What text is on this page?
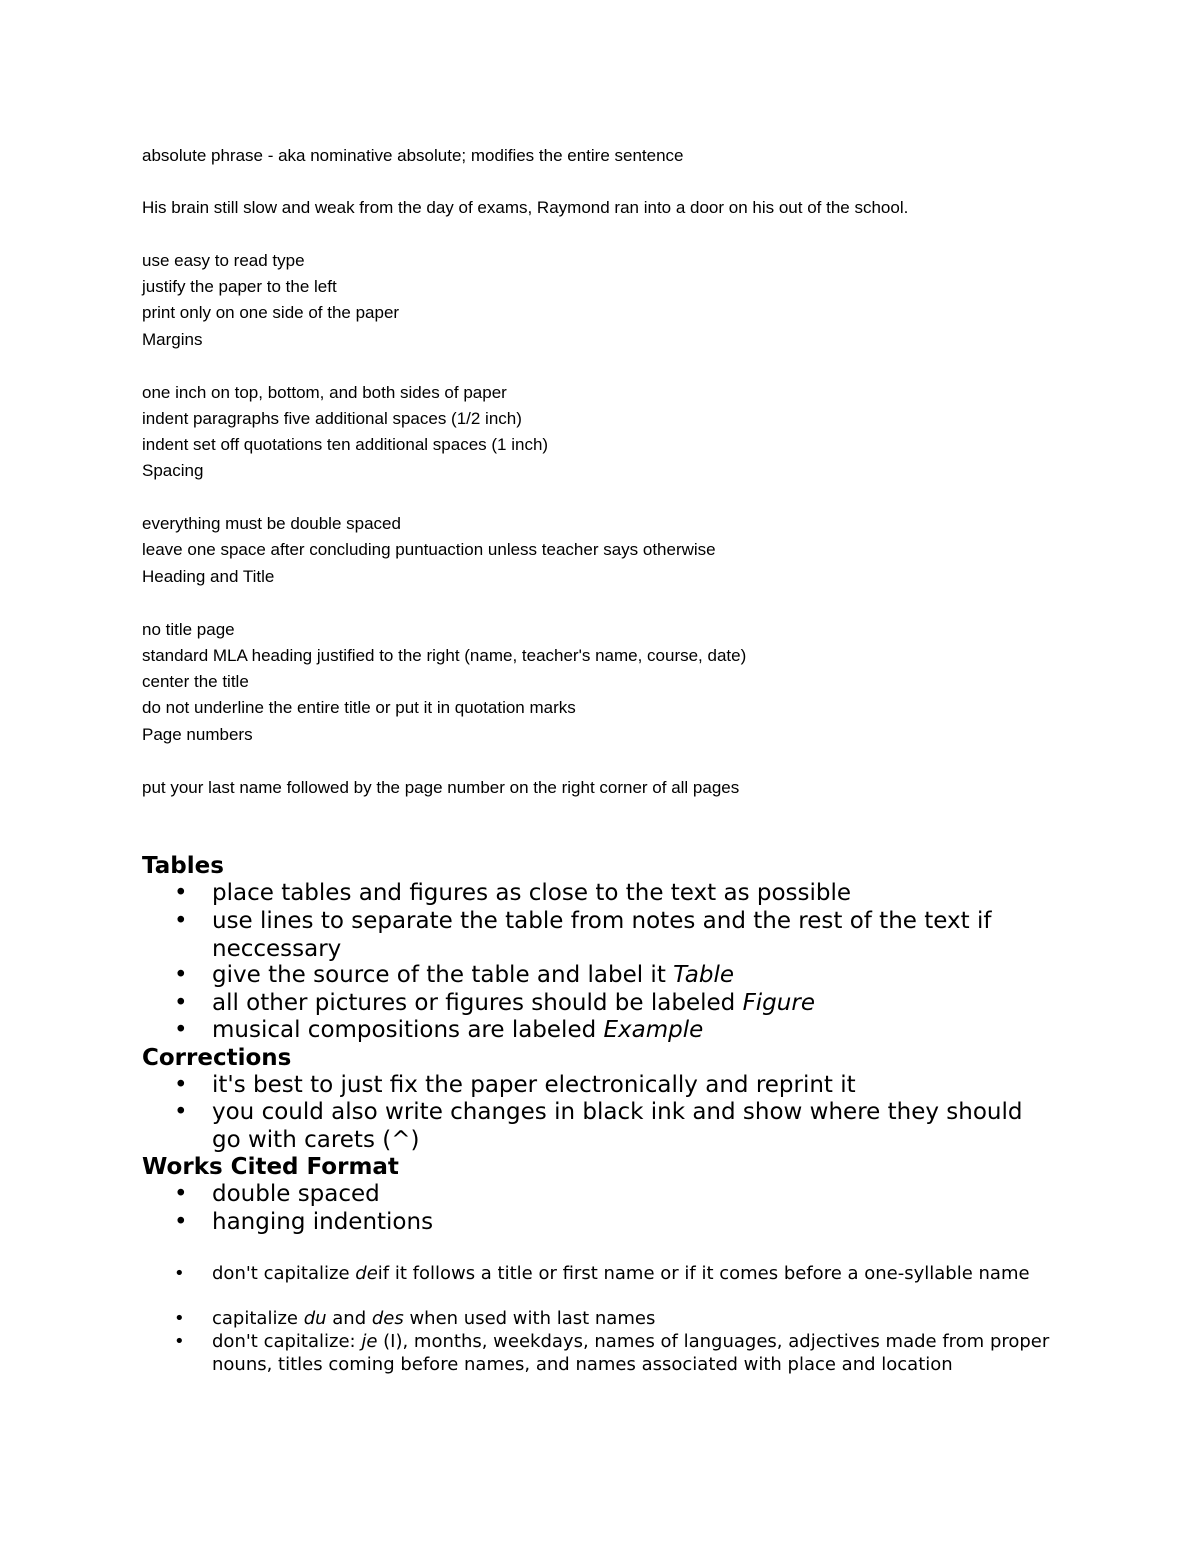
absolute phrase - aka nominative absolute; modifies the entire sentence
His brain still slow and weak from the day of exams, Raymond ran into a door on his out of the school.
use easy to read type
justify the paper to the left
print only on one side of the paper
Margins
one inch on top, bottom, and both sides of paper
indent paragraphs five additional spaces (1/2 inch)
indent set off quotations ten additional spaces (1 inch)
Spacing
everything must be double spaced
leave one space after concluding puntuaction unless teacher says otherwise
Heading and Title
no title page
standard MLA heading justified to the right (name, teacher's name, course, date)
center the title
do not underline the entire title or put it in quotation marks
Page numbers
put your last name followed by the page number on the right corner of all pages
Tables
• place tables and figures as close to the text as possible
• use lines to separate the table from notes and the rest of the text if neccessary
• give the source of the table and label it Table
• all other pictures or figures should be labeled Figure
• musical compositions are labeled Example
Corrections
• it's best to just fix the paper electronically and reprint it
• you could also write changes in black ink and show where they should go with carets (^)
Works Cited Format
• double spaced
• hanging indentions
• don't capitalize deif it follows a title or first name or if it comes before a one-syllable name
• capitalize du and des when used with last names
• don't capitalize: je (I), months, weekdays, names of languages, adjectives made from proper nouns, titles coming before names, and names associated with place and location
